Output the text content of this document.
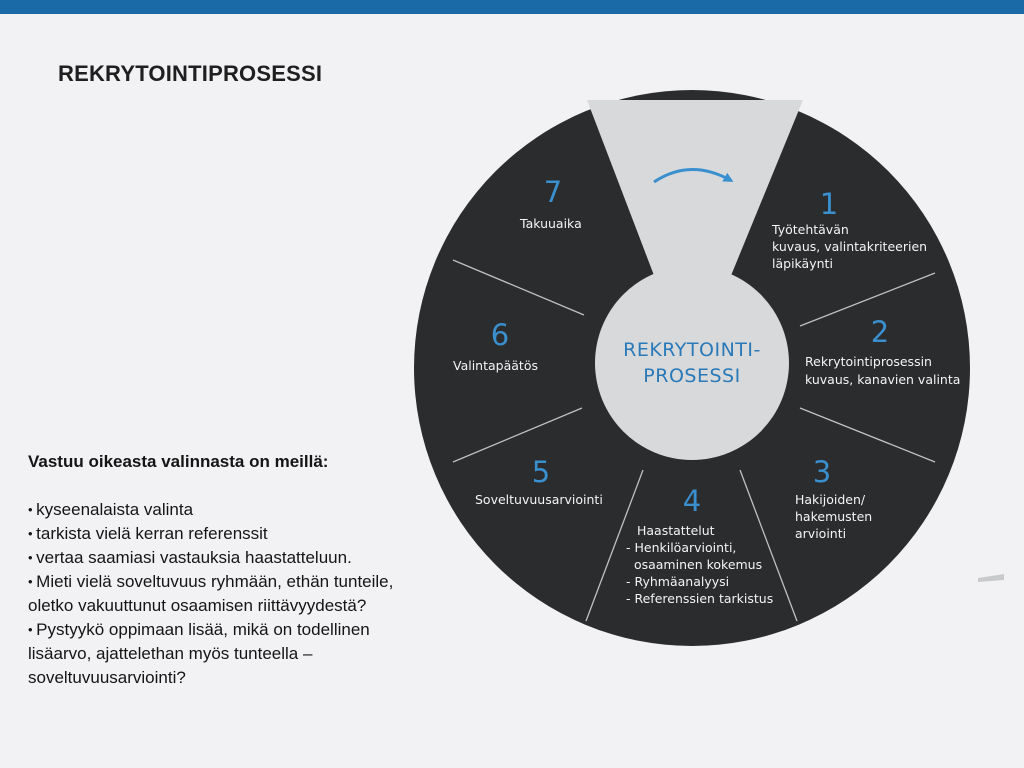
REKRYTOINTIPROSESSI

Vastuu oikeasta valinnasta on meillä:

• kyseenalaista valinta
• tarkista vielä kerran referenssit
• vertaa saamiasi vastauksia haastatteluun.
• Mieti vielä soveltuvuus ryhmään, ethän tunteile, oletko vakuuttunut osaamisen riittävyydestä?
• Pystyykö oppimaan lisää, mikä on todellinen lisäarvo, ajattelethan myös tunteella – soveltuvuusarviointi?
REKRYTOINTI-
PROSESSI
1
Työtehtävän
kuvaus, valintakriteerien
läpikäynti
2
Rekrytointiprosessin
kuvaus, kanavien valinta
3
Hakijoiden/
hakemusten
arviointi
4
Haastattelut
- Henkilöarviointi,
osaaminen kokemus
- Ryhmäanalyysi
- Referenssien tarkistus
5
Soveltuvuusarviointi
6
Valintapäätös
7
Takuuaika
